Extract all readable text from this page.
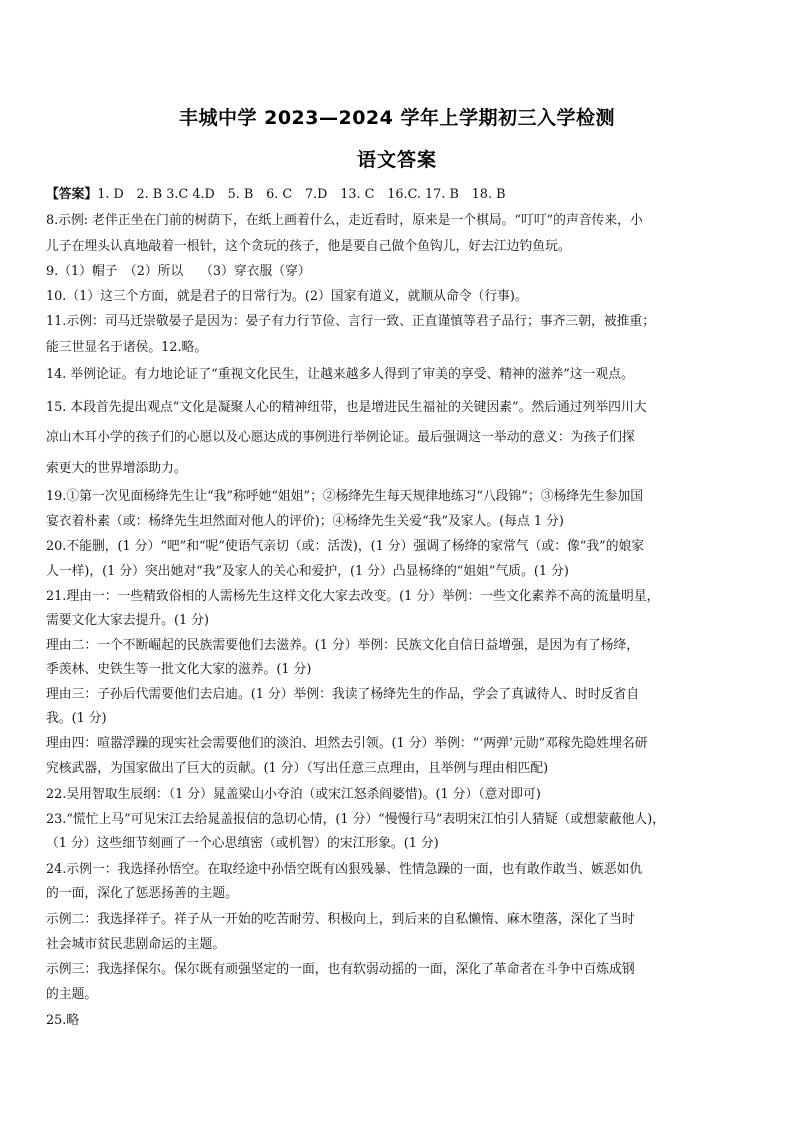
丰城中学 2023—2024 学年上学期初三入学检测
语文答案
【答案】1. D　2. B 3.C 4.D　5. B　6. C　7.D　13. C　16.C. 17. B　18. B
8.示例: 老伴正坐在门前的树荫下，在纸上画着什么，走近看时，原来是一个棋局。“叮叮”的声音传来，小
儿子在埋头认真地敲着一根针，这个贪玩的孩子，他是要自己做个鱼钩儿，好去江边钓鱼玩。
9.（1）帽子　（2）所以　 （3）穿衣服（穿）
10.（1）这三个方面，就是君子的日常行为。(2）国家有道义，就顺从命令（行事)。
11.示例：司马迁崇敬晏子是因为：晏子有力行节俭、言行一致、正直谨慎等君子品行；事齐三朝，被推重；
能三世显名于诸侯。12.略。
14. 举例论证。有力地论证了“重视文化民生，让越来越多人得到了审美的享受、精神的滋养”这一观点。
15. 本段首先提出观点“文化是凝聚人心的精神纽带，也是增进民生福祉的关键因素”。然后通过列举四川大
凉山木耳小学的孩子们的心愿以及心愿达成的事例进行举例论证。最后强调这一举动的意义：为孩子们探
索更大的世界增添助力。
19.①第一次见面杨绛先生让“我”称呼她“姐姐”；②杨绛先生每天规律地练习“八段锦”；③杨绛先生参加国
宴衣着朴素（或：杨绛先生坦然面对他人的评价)；④杨绛先生关爱“我”及家人。(每点 1 分)
20.不能删，(1 分）“吧”和“呢”使语气亲切（或：活泼)，(1 分）强调了杨绛的家常气（或：像“我”的娘家
人一样)，(1 分）突出她对“我”及家人的关心和爱护，(1 分）凸显杨绛的“姐姐”气质。(1 分)
21.理由一：一些精致俗相的人需杨先生这样文化大家去改变。(1 分）举例：一些文化素养不高的流量明星，
需要文化大家去提升。(1 分)
理由二：一个不断崛起的民族需要他们去滋养。(1 分）举例：民族文化自信日益增强，是因为有了杨绛，
季羡林、史铁生等一批文化大家的滋养。(1 分)
理由三：子孙后代需要他们去启迪。(1 分）举例：我读了杨绛先生的作品，学会了真诚待人、时时反省自
我。(1 分)
理由四：喧嚣浮躁的现实社会需要他们的淡泊、坦然去引领。(1 分）举例：“‘两弹’元勋”邓稼先隐姓埋名研
究核武器，为国家做出了巨大的贡献。(1 分）（写出任意三点理由，且举例与理由相匹配)
22.吴用智取生辰纲：（1 分）晁盖梁山小夺泊（或宋江怒杀阎婆惜)。(1 分）（意对即可)
23.“慌忙上马”可见宋江去给晁盖报信的急切心情，(1 分）“慢慢行马”表明宋江怕引人猜疑（或想蒙蔽他人)，
（1 分）这些细节刻画了一个心思缜密（或机智）的宋江形象。(1 分)
24.示例一：我选择孙悟空。在取经途中孙悟空既有凶狠残暴、性情急躁的一面，也有敢作敢当、嫉恶如仇
的一面，深化了惩恶扬善的主题。
示例二：我选择祥子。祥子从一开始的吃苦耐劳、积极向上，到后来的自私懒惰、麻木堕落，深化了当时
社会城市贫民悲剧命运的主题。
示例三：我选择保尔。保尔既有顽强坚定的一面，也有软弱动摇的一面，深化了革命者在斗争中百炼成钢
的主题。
25.略
